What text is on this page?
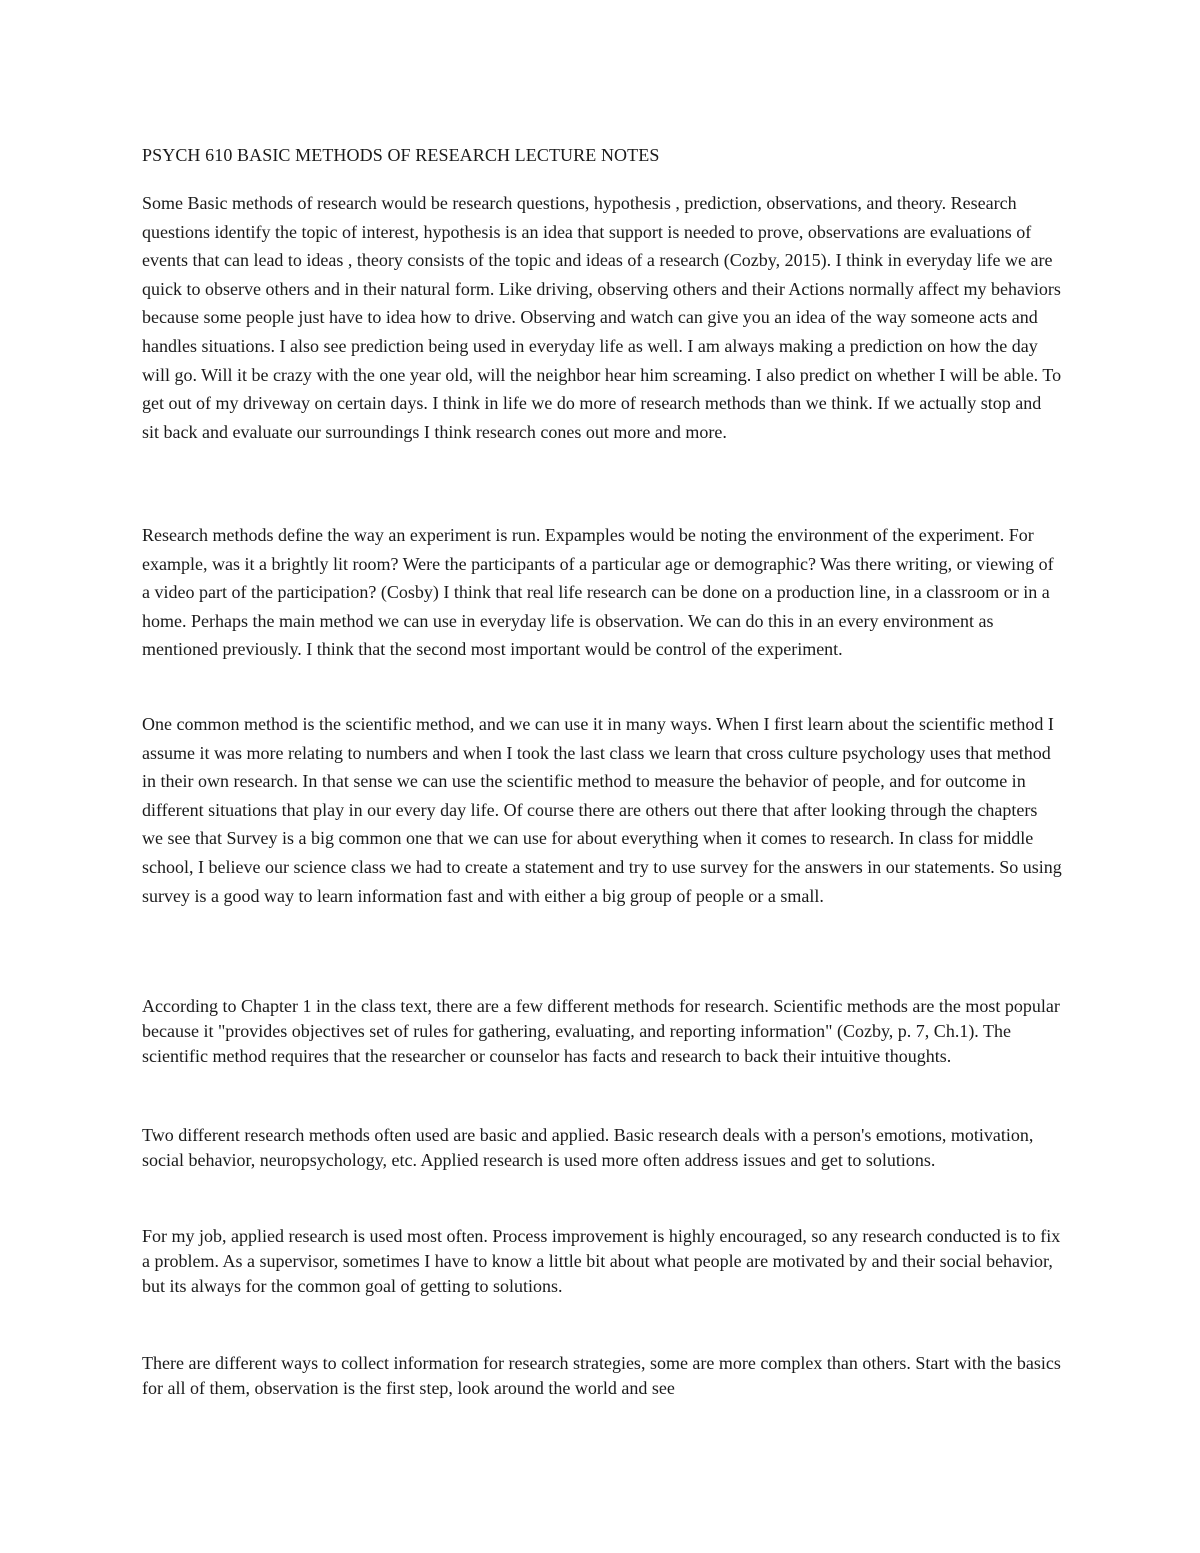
PSYCH 610 BASIC METHODS OF RESEARCH LECTURE NOTES

Some Basic methods of research would be research questions, hypothesis , prediction, observations, and theory. Research questions identify the topic of interest, hypothesis is an idea that support is needed to prove, observations are evaluations of events that can lead to ideas , theory consists of the topic and ideas of a research (Cozby, 2015). I think in everyday life we are quick to observe others and in their natural form. Like driving, observing others and their Actions normally affect my behaviors because some people just have to idea how to drive. Observing and watch can give you an idea of the way someone acts and handles situations. I also see prediction being used in everyday life as well. I am always making a prediction on how the day will go. Will it be crazy with the one year old, will the neighbor hear him screaming. I also predict on whether I will be able. To get out of my driveway on certain days. I think in life we do more of research methods than we think. If we actually stop and sit back and evaluate our surroundings I think research cones out more and more.

Research methods define the way an experiment is run. Expamples would be noting the environment of the experiment. For example, was it a brightly lit room? Were the participants of a particular age or demographic? Was there writing, or viewing of a video part of the participation? (Cosby) I think that real life research can be done on a production line, in a classroom or in a home. Perhaps the main method we can use in everyday life is observation. We can do this in an every environment as mentioned previously. I think that the second most important would be control of the experiment.

One common method is the scientific method, and we can use it in many ways. When I first learn about the scientific method I assume it was more relating to numbers and when I took the last class we learn that cross culture psychology uses that method in their own research. In that sense we can use the scientific method to measure the behavior of people, and for outcome in different situations that play in our every day life. Of course there are others out there that after looking through the chapters we see that Survey is a big common one that we can use for about everything when it comes to research. In class for middle school, I believe our science class we had to create a statement and try to use survey for the answers in our statements. So using survey is a good way to learn information fast and with either a big group of people or a small.

According to Chapter 1 in the class text, there are a few different methods for research. Scientific methods are the most popular because it "provides objectives set of rules for gathering, evaluating, and reporting information" (Cozby, p. 7, Ch.1). The scientific method requires that the researcher or counselor has facts and research to back their intuitive thoughts.

Two different research methods often used are basic and applied. Basic research deals with a person's emotions, motivation, social behavior, neuropsychology, etc. Applied research is used more often address issues and get to solutions.

For my job, applied research is used most often. Process improvement is highly encouraged, so any research conducted is to fix a problem. As a supervisor, sometimes I have to know a little bit about what people are motivated by and their social behavior, but its always for the common goal of getting to solutions.

There are different ways to collect information for research strategies, some are more complex than others. Start with the basics for all of them, observation is the first step, look around the world and see
